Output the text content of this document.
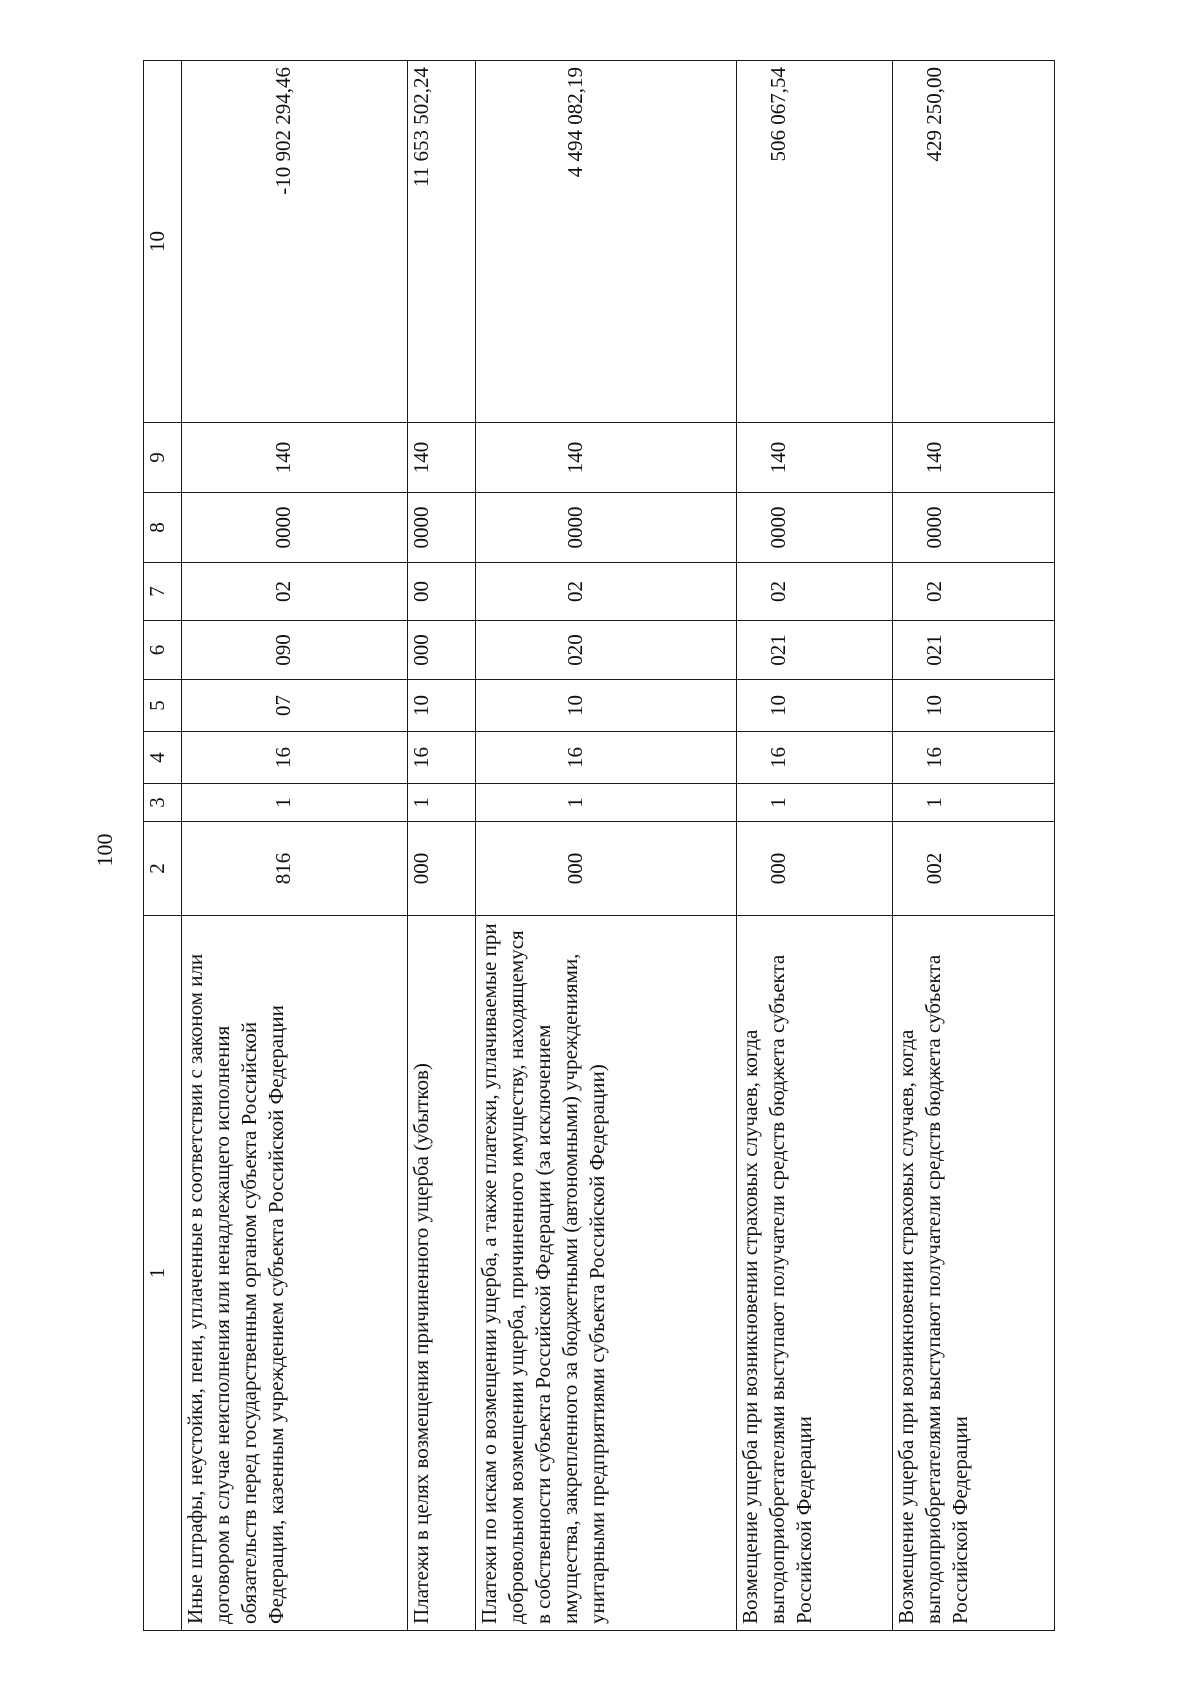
100
1	2	3	4	5	6	7	8	9	10
Иные штрафы, неустойки, пени, уплаченные в соответствии с законом или договором в случае неисполнения или ненадлежащего исполнения обязательств перед государственным органом субъекта Российской Федерации, казенным учреждением субъекта Российской Федерации	816	1	16	07	090	02	0000	140	-10 902 294,46
Платежи в целях возмещения причиненного ущерба (убытков)	000	1	16	10	000	00	0000	140	11 653 502,24
Платежи по искам о возмещении ущерба, а также платежи, уплачиваемые при добровольном возмещении ущерба, причиненного имуществу, находящемуся в собственности субъекта Российской Федерации (за исключением имущества, закрепленного за бюджетными (автономными) учреждениями, унитарными предприятиями субъекта Российской Федерации)	000	1	16	10	020	02	0000	140	4 494 082,19
Возмещение ущерба при возникновении страховых случаев, когда выгодоприобретателями выступают получатели средств бюджета субъекта Российской Федерации	000	1	16	10	021	02	0000	140	506 067,54
Возмещение ущерба при возникновении страховых случаев, когда выгодоприобретателями выступают получатели средств бюджета субъекта Российской Федерации	002	1	16	10	021	02	0000	140	429 250,00
